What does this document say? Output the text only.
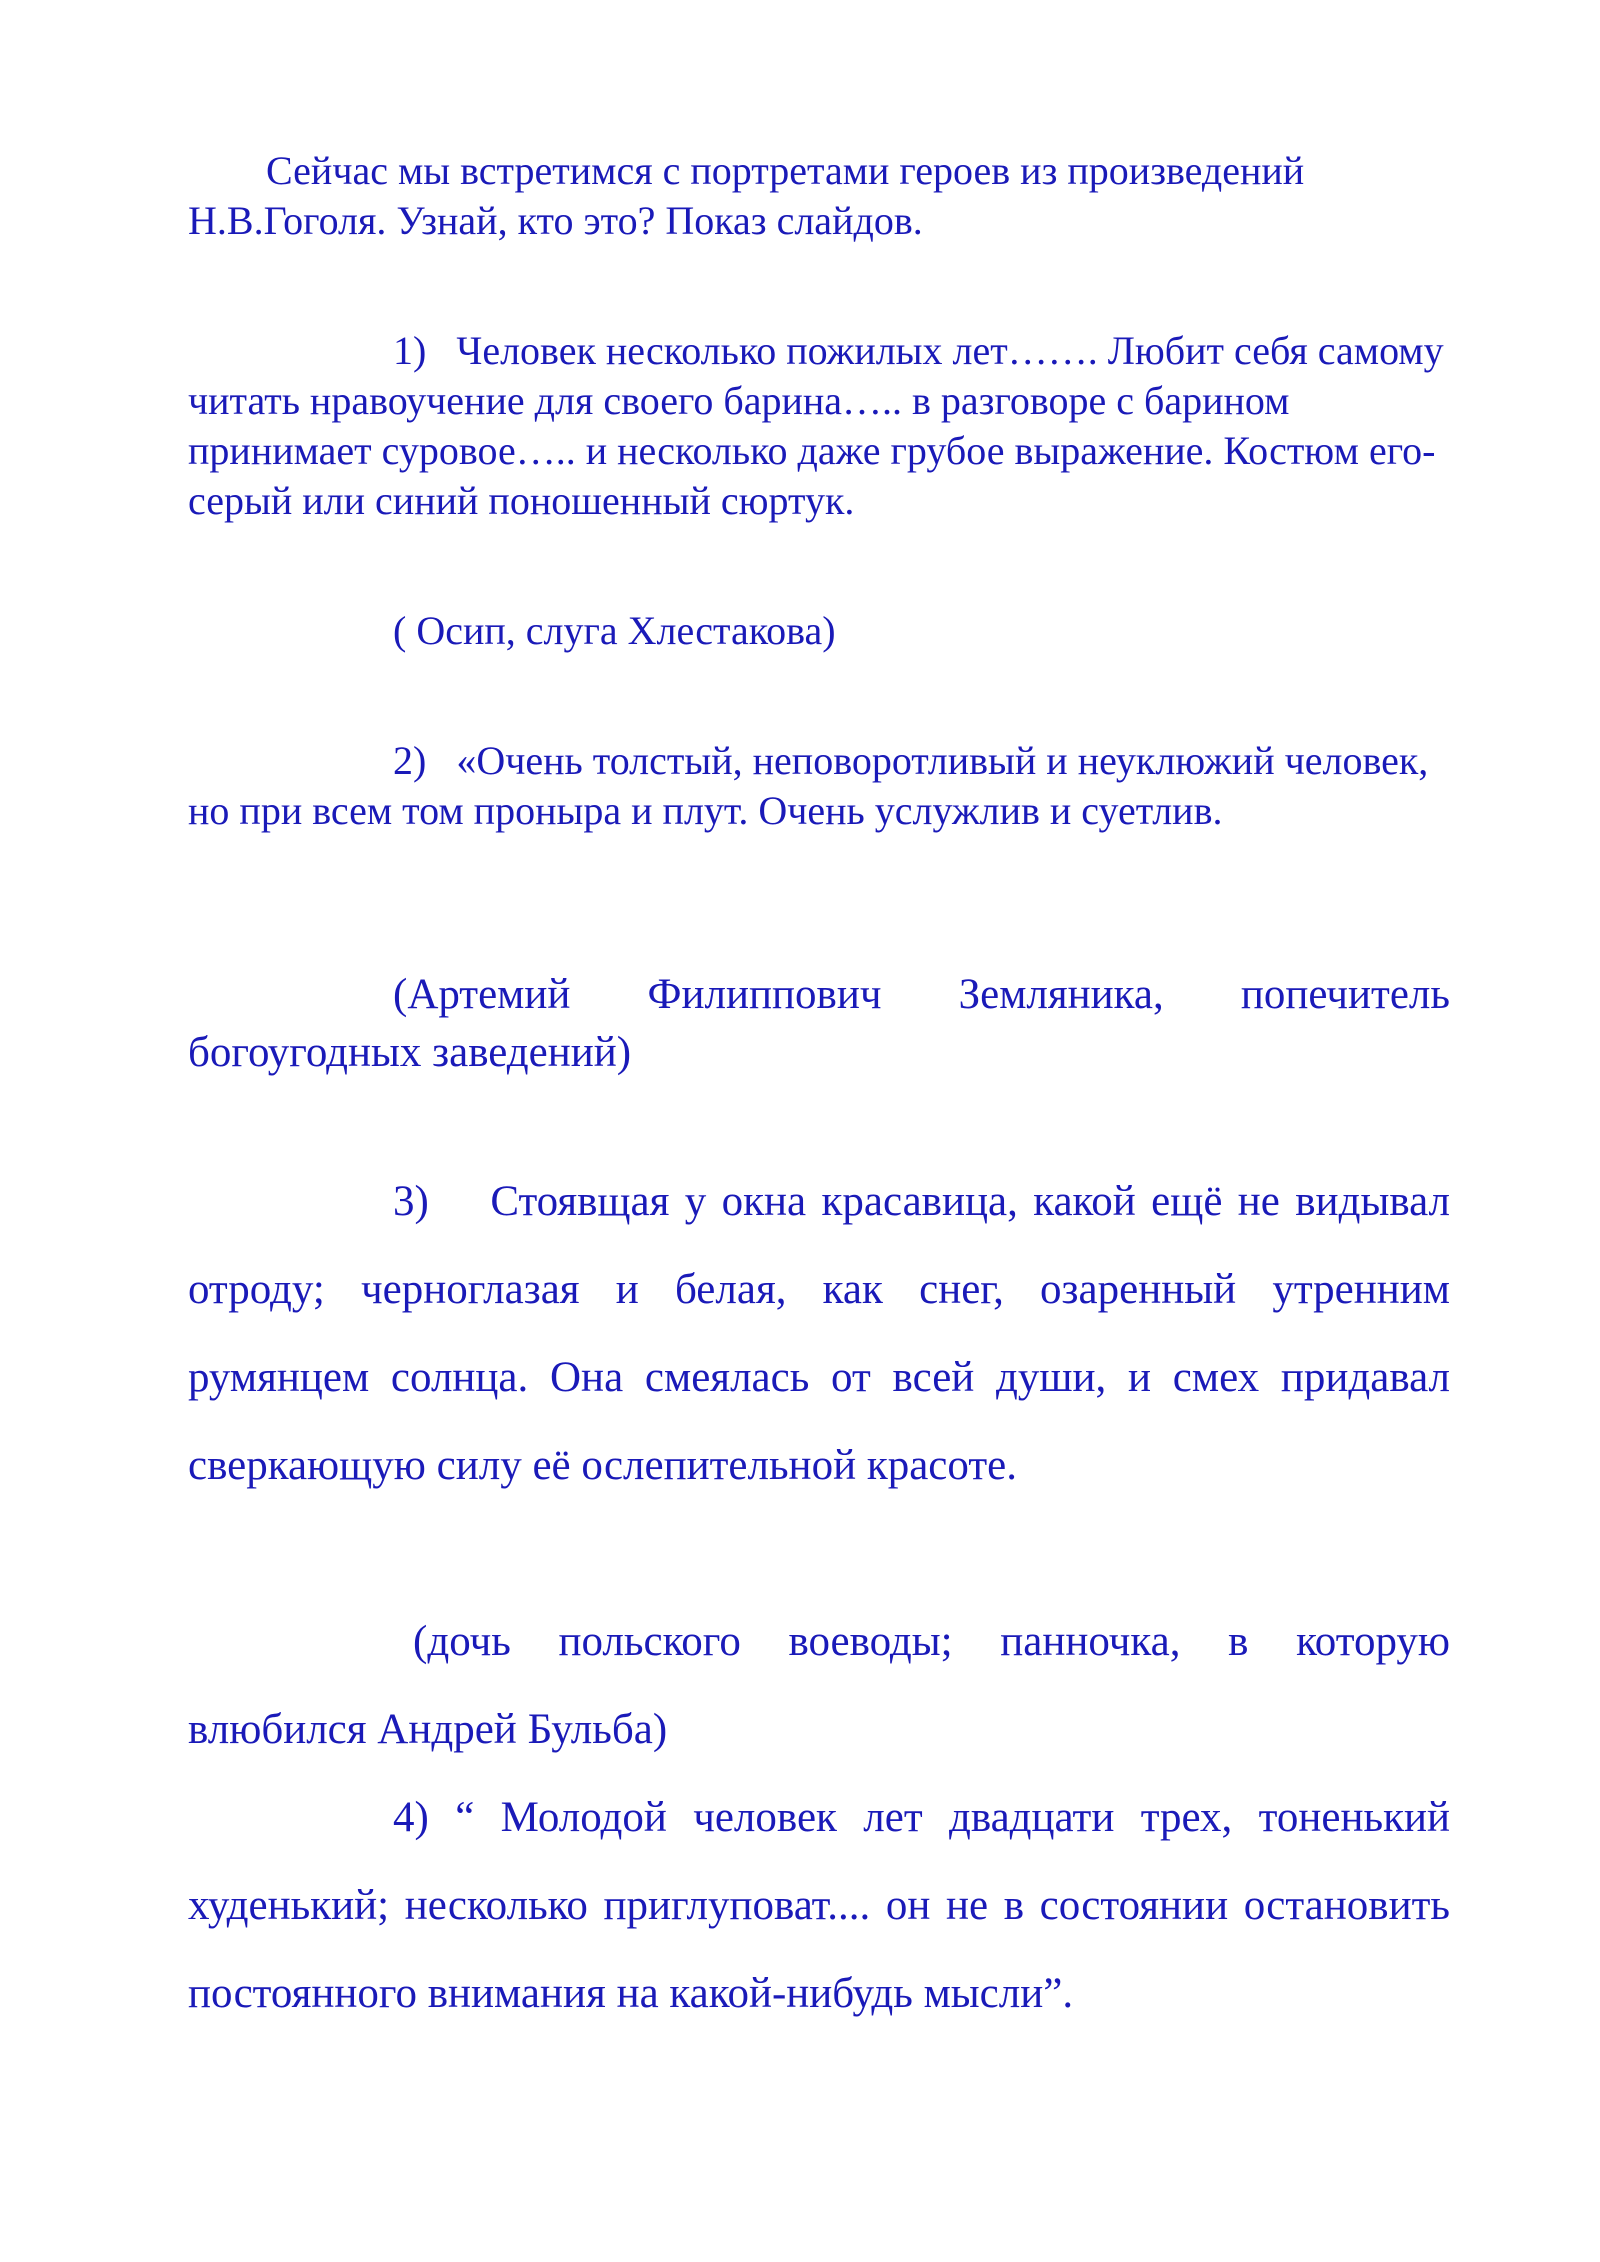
Сейчас мы встретимся с портретами героев из произведений Н.В.Гоголя. Узнай, кто это? Показ слайдов.

1) Человек несколько пожилых лет……. Любит себя самому читать нравоучение для своего барина….. в разговоре с барином принимает суровое….. и несколько даже грубое выражение. Костюм его- серый или синий поношенный сюртук.

( Осип, слуга Хлестакова)

2) «Очень толстый, неповоротливый и неуклюжий человек, но при всем том проныра и плут. Очень услужлив и суетлив.

(Артемий Филиппович Земляника, попечитель богоугодных заведений)

3) Стоявщая у окна красавица, какой ещё не видывал отроду; черноглазая и белая, как снег, озаренный утренним румянцем солнца. Она смеялась от всей души, и смех придавал сверкающую силу её ослепительной красоте.

(дочь польского воеводы; панночка, в которую влюбился Андрей Бульба)

4) “ Молодой человек лет двадцати трех, тоненький худенький; несколько приглуповат.... он не в состоянии остановить постоянного внимания на какой-нибудь мысли”.
